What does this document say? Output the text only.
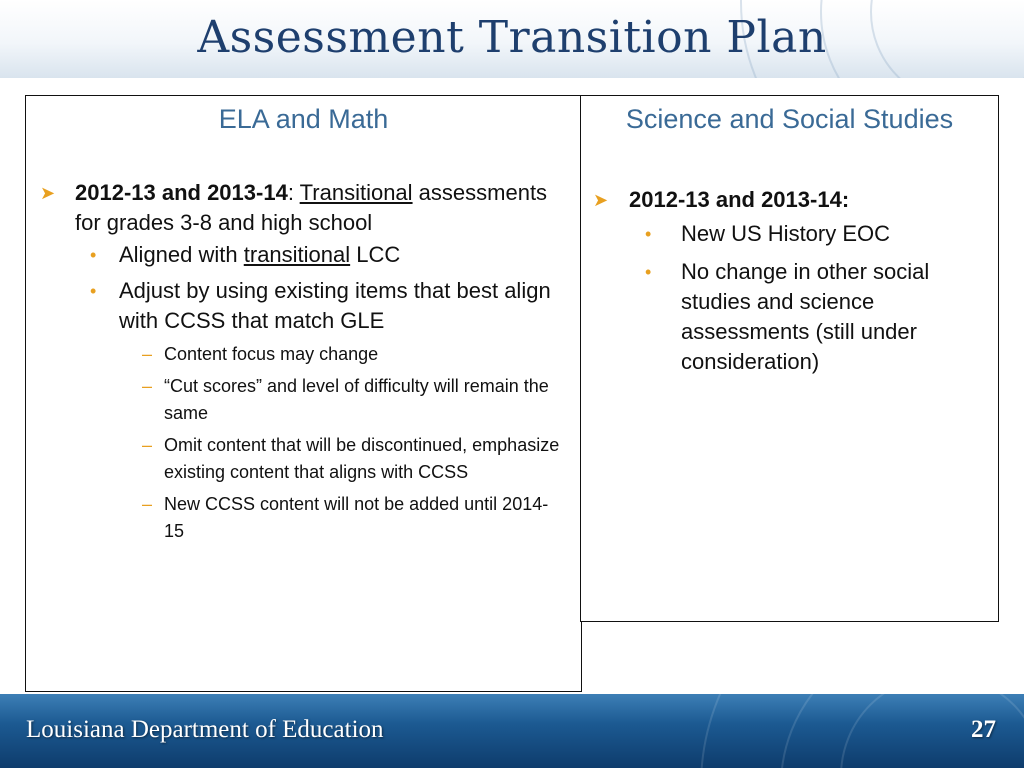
Assessment Transition Plan
ELA and Math
➤ 2012-13 and 2013-14: Transitional assessments for grades 3-8 and high school
• Aligned with transitional LCC
• Adjust by using existing items that best align with CCSS that match GLE
– Content focus may change
– “Cut scores” and level of difficulty will remain the same
– Omit content that will be discontinued, emphasize existing content that aligns with CCSS
– New CCSS content will not be added until 2014-15
Science and Social Studies
➤ 2012-13 and 2013-14:
• New US History EOC
• No change in other social studies and science assessments (still under consideration)
Louisiana Department of Education	27
